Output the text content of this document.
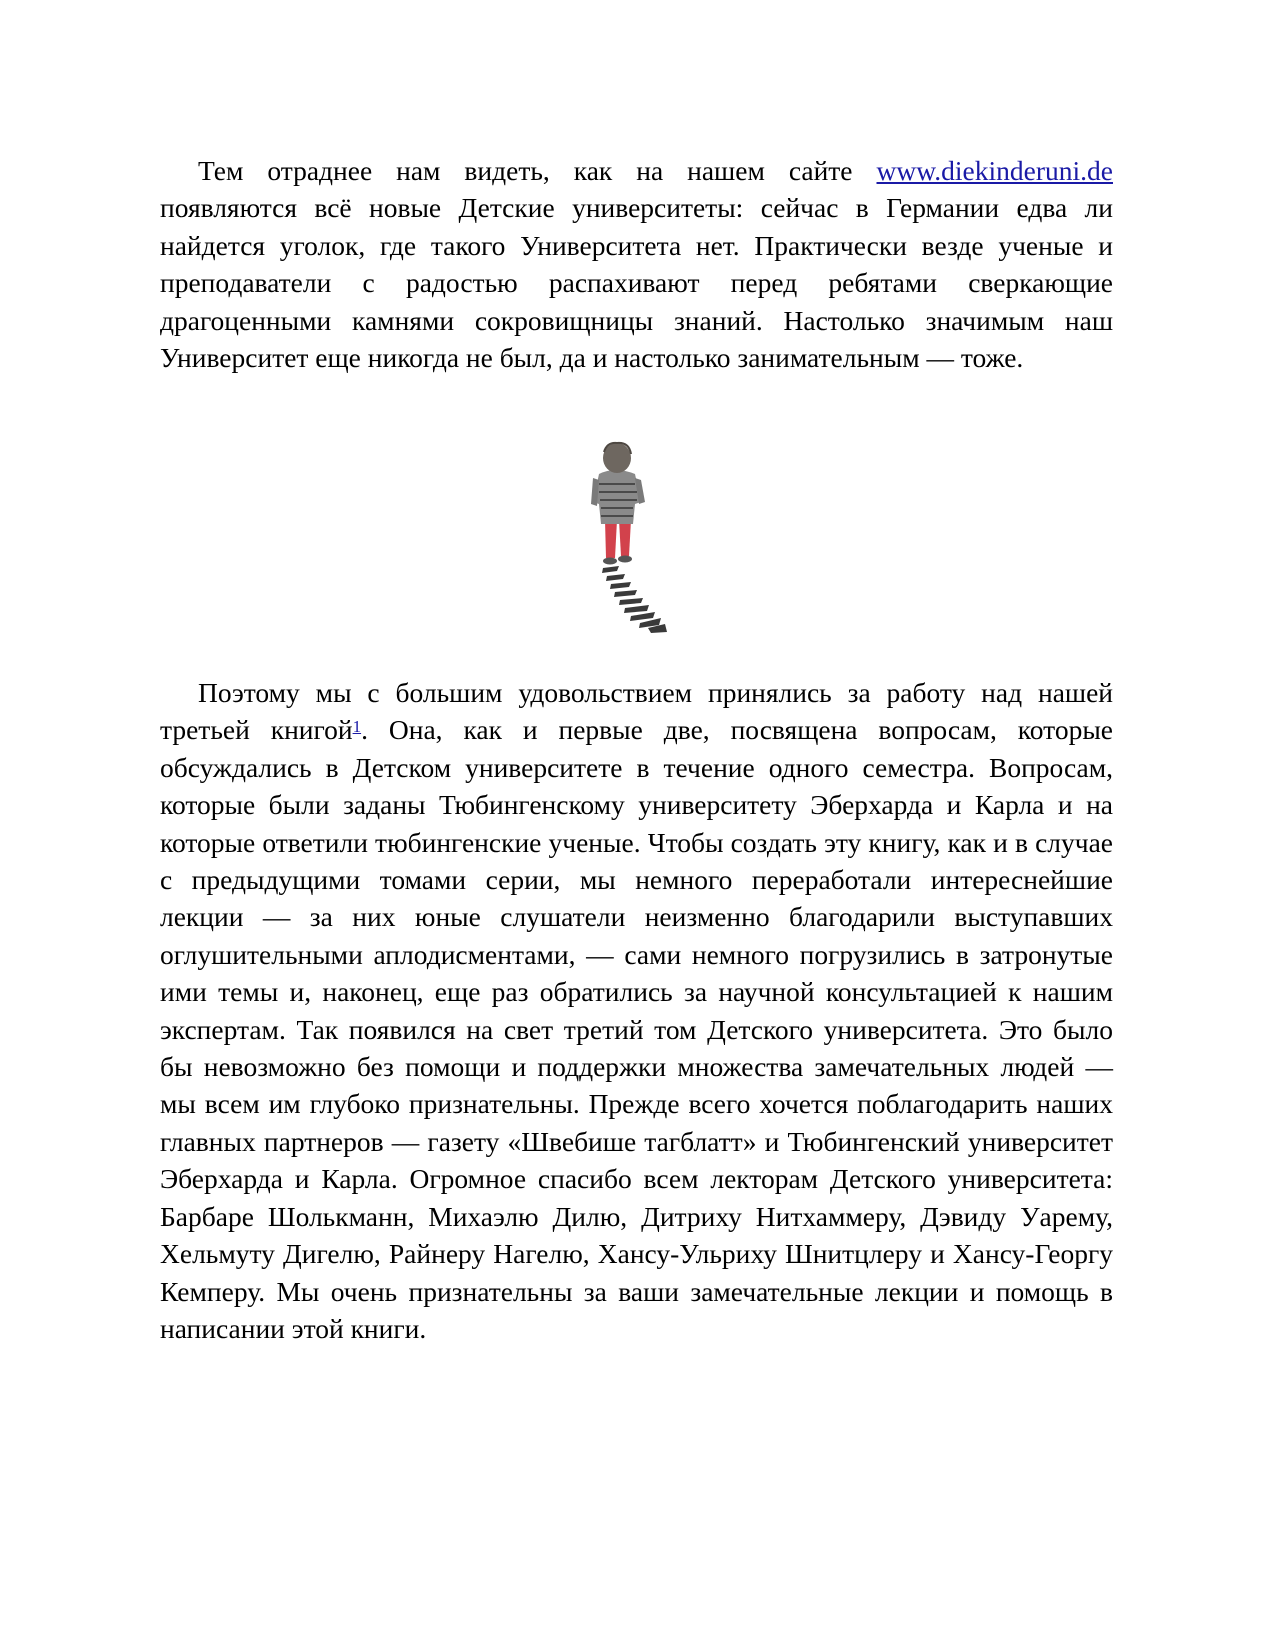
Тем отраднее нам видеть, как на нашем сайте www.diekinderuni.de появляются всё новые Детские университеты: сейчас в Германии едва ли найдется уголок, где такого Университета нет. Практически везде ученые и преподаватели с радостью распахивают перед ребятами сверкающие драгоценными камнями сокровищницы знаний. Настолько значимым наш Университет еще никогда не был, да и настолько занимательным — тоже.

Поэтому мы с большим удовольствием принялись за работу над нашей третьей книгой$^1$. Она, как и первые две, посвящена вопросам, которые обсуждались в Детском университете в течение одного семестра. Вопросам, которые были заданы Тюбингенскому университету Эберхарда и Карла и на которые ответили тюбингенские ученые. Чтобы создать эту книгу, как и в случае с предыдущими томами серии, мы немного переработали интереснейшие лекции — за них юные слушатели неизменно благодарили выступавших оглушительными аплодисментами, — сами немного погрузились в затронутые ими темы и, наконец, еще раз обратились за научной консультацией к нашим экспертам. Так появился на свет третий том Детского университета. Это было бы невозможно без помощи и поддержки множества замечательных людей — мы всем им глубоко признательны. Прежде всего хочется поблагодарить наших главных партнеров — газету «Швебише тагблатт» и Тюбингенский университет Эберхарда и Карла. Огромное спасибо всем лекторам Детского университета: Барбаре Шолькманн, Михаэлю Дилю, Дитриху Нитхаммеру, Дэвиду Уарему, Хельмуту Дигелю, Райнеру Нагелю, Хансу-Ульриху Шнитцлеру и Хансу-Георгу Кемперу. Мы очень признательны за ваши замечательные лекции и помощь в написании этой книги.
